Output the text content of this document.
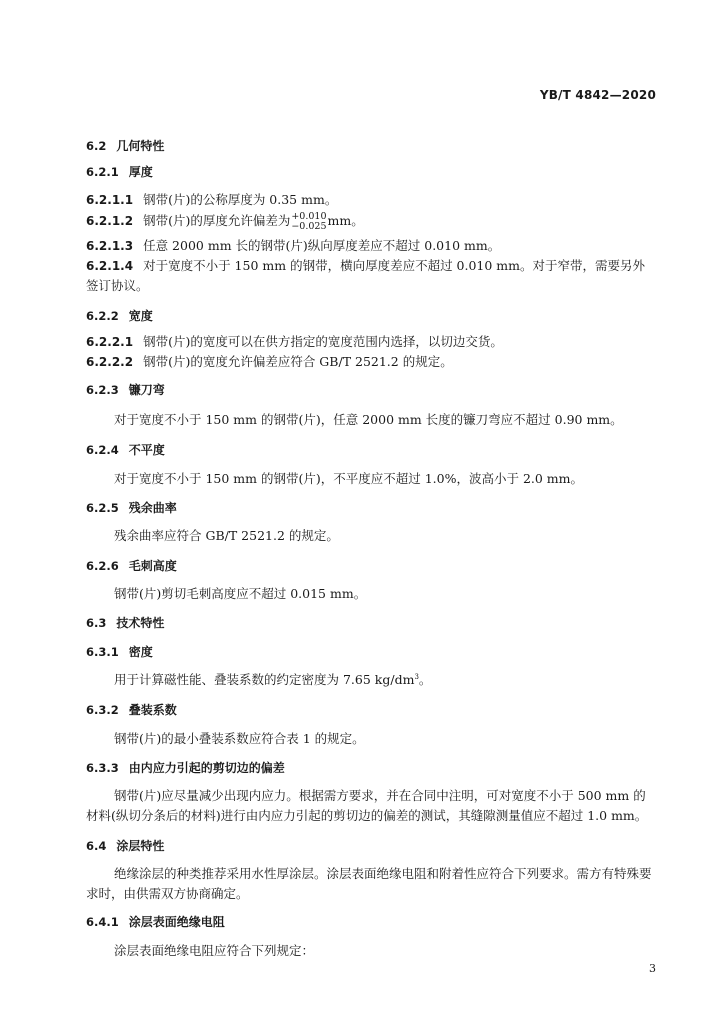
YB/T 4842—2020
6.2 几何特性
6.2.1 厚度
6.2.1.1 钢带(片)的公称厚度为 0.35 mm。
6.2.1.2 钢带(片)的厚度允许偏差为 +0.010
−0.025 mm。
6.2.1.3 任意 2000 mm 长的钢带(片)纵向厚度差应不超过 0.010 mm。
6.2.1.4 对于宽度不小于 150 mm 的钢带，横向厚度差应不超过 0.010 mm。对于窄带，需要另外签订协议。
6.2.2 宽度
6.2.2.1 钢带(片)的宽度可以在供方指定的宽度范围内选择，以切边交货。
6.2.2.2 钢带(片)的宽度允许偏差应符合 GB/T 2521.2 的规定。
6.2.3 镰刀弯
对于宽度不小于 150 mm 的钢带(片)，任意 2000 mm 长度的镰刀弯应不超过 0.90 mm。
6.2.4 不平度
对于宽度不小于 150 mm 的钢带(片)，不平度应不超过 1.0%，波高小于 2.0 mm。
6.2.5 残余曲率
残余曲率应符合 GB/T 2521.2 的规定。
6.2.6 毛刺高度
钢带(片)剪切毛刺高度应不超过 0.015 mm。
6.3 技术特性
6.3.1 密度
用于计算磁性能、叠装系数的约定密度为 7.65 $kg/dm^3$。
6.3.2 叠装系数
钢带(片)的最小叠装系数应符合表 1 的规定。
6.3.3 由内应力引起的剪切边的偏差
钢带(片)应尽量减少出现内应力。根据需方要求，并在合同中注明，可对宽度不小于 500 mm 的材料(纵切分条后的材料)进行由内应力引起的剪切边的偏差的测试，其缝隙测量值应不超过 1.0 mm。
6.4 涂层特性
绝缘涂层的种类推荐采用水性厚涂层。涂层表面绝缘电阻和附着性应符合下列要求。需方有特殊要求时，由供需双方协商确定。
6.4.1 涂层表面绝缘电阻
涂层表面绝缘电阻应符合下列规定：
3
